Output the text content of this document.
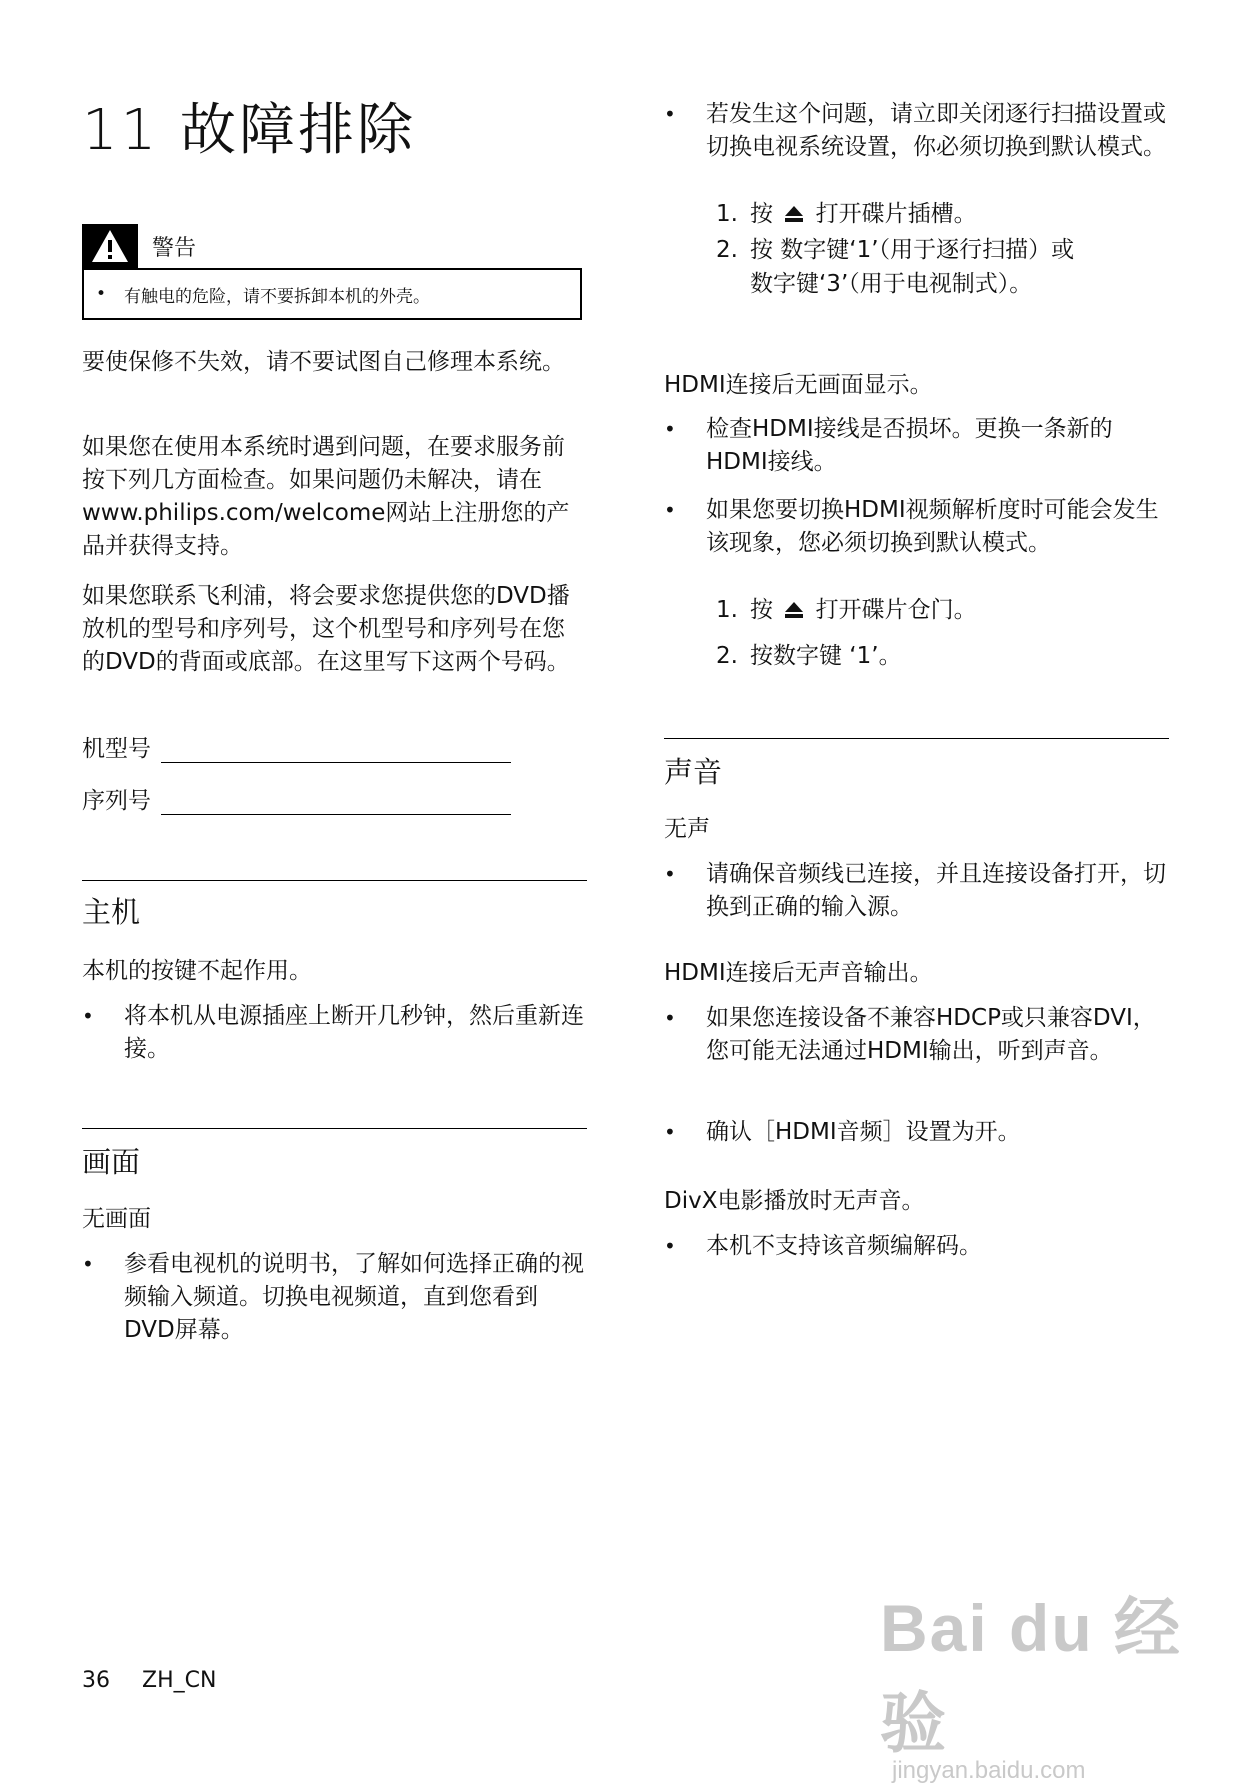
11 故障排除
警告
• 有触电的危险，请不要拆卸本机的外壳。

要使保修不失效，请不要试图自己修理本系统。

如果您在使用本系统时遇到问题，在要求服务前按下列几方面检查。如果问题仍未解决，请在www.philips.com/welcome网站上注册您的产品并获得支持。

如果您联系飞利浦，将会要求您提供您的DVD播放机的型号和序列号，这个机型号和序列号在您的DVD的背面或底部。在这里写下这两个号码。

机型号
序列号
主机

本机的按键不起作用。

• 将本机从电源插座上断开几秒钟，然后重新连接。
画面

无画面

• 参看电视机的说明书，了解如何选择正确的视频输入频道。切换电视频道，直到您看到DVD屏幕。
• 若发生这个问题，请立即关闭逐行扫描设置或切换电视系统设置，你必须切换到默认模式。
1. 按 打开碟片插槽。
2. 按 数字键‘1’（用于逐行扫描）或
数字键‘3’（用于电视制式）。

HDMI连接后无画面显示。

• 检查HDMI接线是否损坏。更换一条新的HDMI接线。
• 如果您要切换HDMI视频解析度时可能会发生该现象，您必须切换到默认模式。
1. 按 打开碟片仓门。
2. 按数字键 ‘1’。
声音

无声

• 请确保音频线已连接，并且连接设备打开，切换到正确的输入源。

HDMI连接后无声音输出。

• 如果您连接设备不兼容HDCP或只兼容DVI，您可能无法通过HDMI输出，听到声音。
• 确认［HDMI音频］设置为开。

DivX电影播放时无声音。

• 本机不支持该音频编解码。
36 ZH_CN
Bai du 经验
jingyan.baidu.com
